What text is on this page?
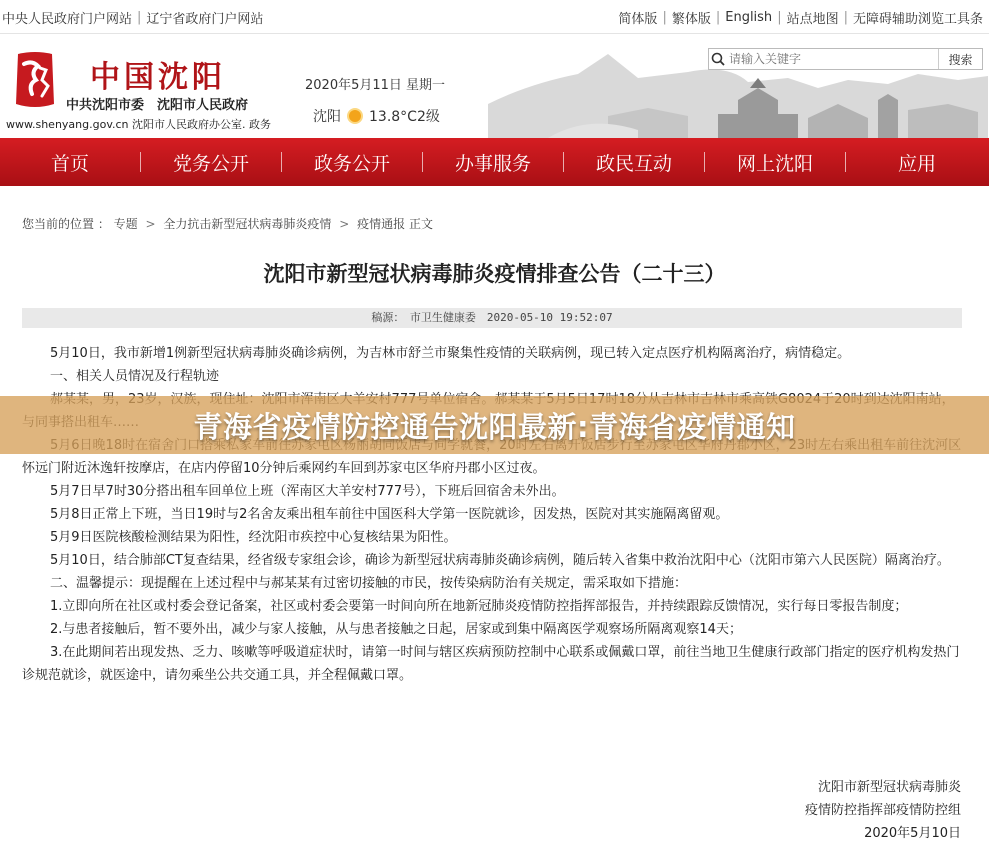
中央人民政府门户网站 | 辽宁省政府门户网站	简体版 | 繁体版 | English | 站点地图 | 无障碍辅助浏览工具条
中国沈阳
中共沈阳市委　沈阳市人民政府
www.shenyang.gov.cn 沈阳市人民政府办公室. 政务
2020年5月11日 星期一
沈阳 13.8°C2级
请输入关键字
搜索
首页	党务公开	政务公开	办事服务	政民互动	网上沈阳	应用
您当前的位置 ： 专题 > 全力抗击新型冠状病毒肺炎疫情 > 疫情通报 正文
沈阳市新型冠状病毒肺炎疫情排查公告（二十三）
稿源：　市卫生健康委　2020-05-10 19:52:07

5月10日，我市新增1例新型冠状病毒肺炎确诊病例，为吉林市舒兰市聚集性疫情的关联病例，现已转入定点医疗机构隔离治疗，病情稳定。

一、相关人员情况及行程轨迹

怀远门附近沐逸轩按摩店，在店内停留10分钟后乘网约车回到苏家屯区华府丹郡小区过夜。

5月7日早7时30分搭出租车回单位上班（浑南区大羊安村777号），下班后回宿舍未外出。

5月8日正常上下班，当日19时与2名舍友乘出租车前往中国医科大学第一医院就诊，因发热，医院对其实施隔离留观。

5月9日医院核酸检测结果为阳性，经沈阳市疾控中心复核结果为阳性。

5月10日，结合肺部CT复查结果，经省级专家组会诊，确诊为新型冠状病毒肺炎确诊病例，随后转入省集中救治沈阳中心（沈阳市第六人民医院）隔离治疗。

二、温馨提示：现提醒在上述过程中与郝某某有过密切接触的市民，按传染病防治有关规定，需采取如下措施：

1.立即向所在社区或村委会登记备案，社区或村委会要第一时间向所在地新冠肺炎疫情防控指挥部报告，并持续跟踪反馈情况，实行每日零报告制度；

2.与患者接触后，暂不要外出，减少与家人接触，从与患者接触之日起，居家或到集中隔离医学观察场所隔离观察14天；

3.在此期间若出现发热、乏力、咳嗽等呼吸道症状时，请第一时间与辖区疾病预防控制中心联系或佩戴口罩，前往当地卫生健康行政部门指定的医疗机构发热门诊规范就诊，就医途中，请勿乘坐公共交通工具，并全程佩戴口罩。

青海省疫情防控通告沈阳最新:青海省疫情通知
沈阳市新型冠状病毒肺炎
疫情防控指挥部疫情防控组
2020年5月10日
